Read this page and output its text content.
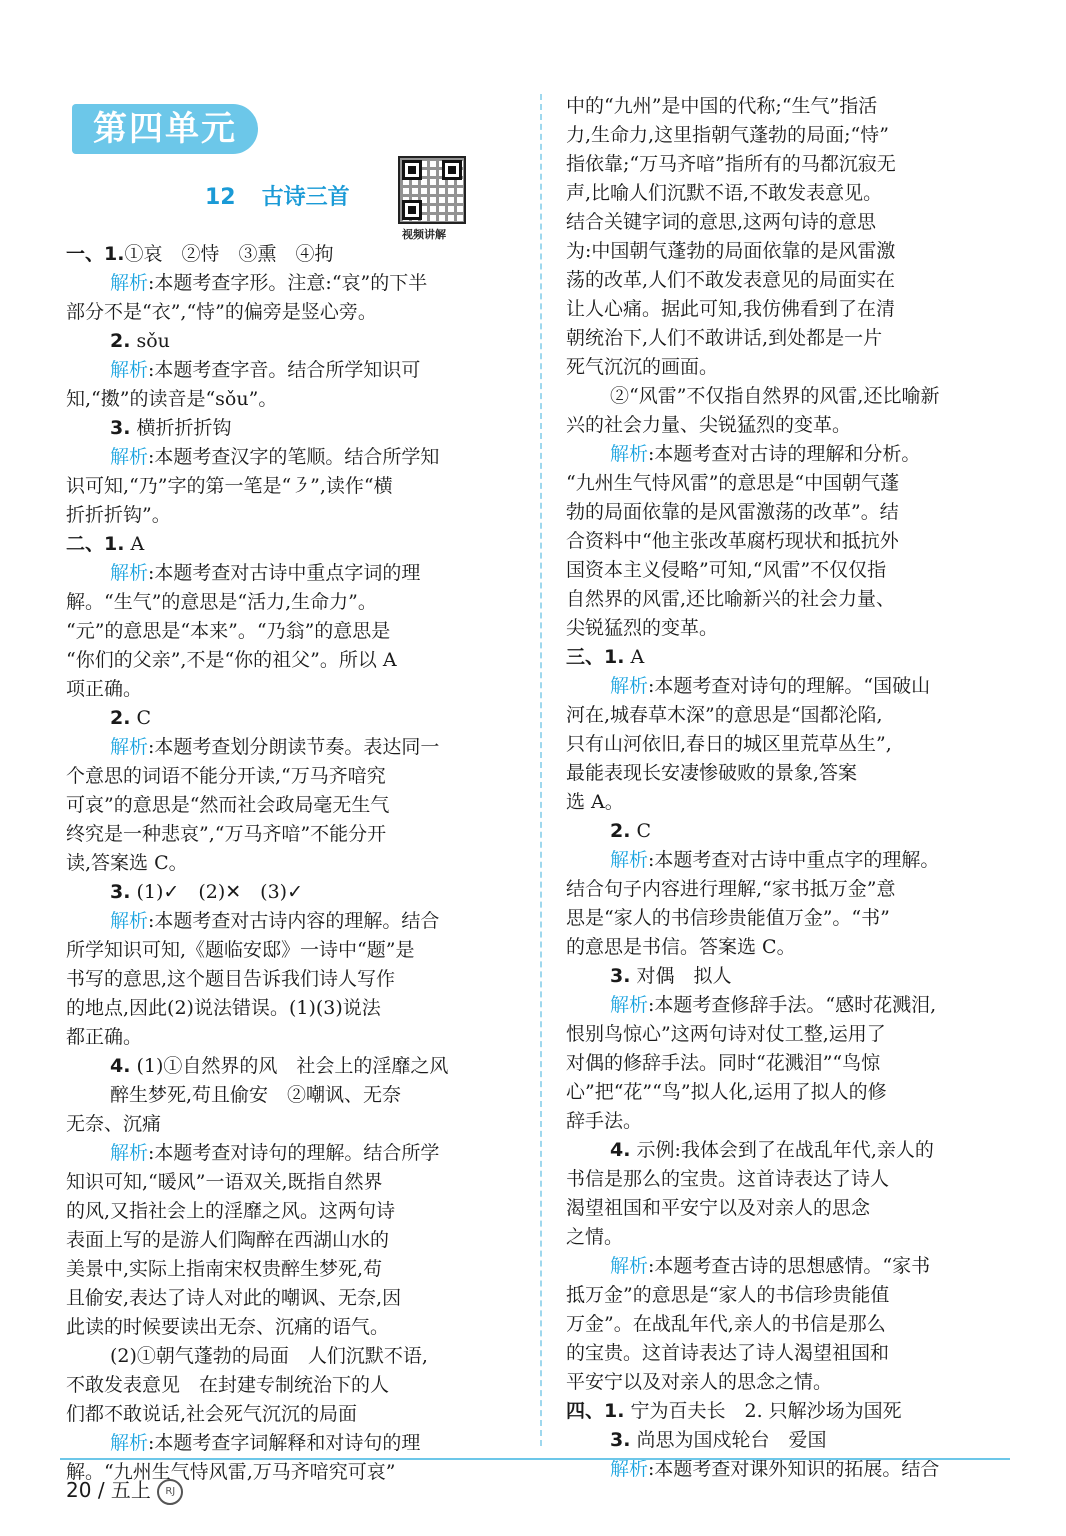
第四单元
12 古诗三首
视频讲解

一、1.①哀　②恃　③熏　④拘

解析:本题考查字形。注意:“哀”的下半

部分不是“衣”,“恃”的偏旁是竖心旁。

2. sǒu

解析:本题考查字音。结合所学知识可

知,“擞”的读音是“sǒu”。

3. 横折折折钩

解析:本题考查汉字的笔顺。结合所学知

识可知,“乃”字的第一笔是“㇋”,读作“横

折折折钩”。

二、1. A

解析:本题考查对古诗中重点字词的理

解。“生气”的意思是“活力,生命力”。

“元”的意思是“本来”。“乃翁”的意思是

“你们的父亲”,不是“你的祖父”。所以 A

项正确。

2. C

解析:本题考查划分朗读节奏。表达同一

个意思的词语不能分开读,“万马齐喑究

可哀”的意思是“然而社会政局毫无生气

终究是一种悲哀”,“万马齐喑”不能分开

读,答案选 C。

3. (1)✓　(2)✕　(3)✓

解析:本题考查对古诗内容的理解。结合

所学知识可知,《题临安邸》一诗中“题”是

书写的意思,这个题目告诉我们诗人写作

的地点,因此(2)说法错误。(1)(3)说法

都正确。

4. (1)①自然界的风　社会上的淫靡之风

醉生梦死,苟且偷安　②嘲讽、无奈

无奈、沉痛

解析:本题考查对诗句的理解。结合所学

知识可知,“暖风”一语双关,既指自然界

的风,又指社会上的淫靡之风。这两句诗

表面上写的是游人们陶醉在西湖山水的

美景中,实际上指南宋权贵醉生梦死,苟

且偷安,表达了诗人对此的嘲讽、无奈,因

此读的时候要读出无奈、沉痛的语气。

(2)①朝气蓬勃的局面　人们沉默不语,

不敢发表意见　在封建专制统治下的人

们都不敢说话,社会死气沉沉的局面

解析:本题考查字词解释和对诗句的理

解。“九州生气恃风雷,万马齐喑究可哀”

中的“九州”是中国的代称;“生气”指活

力,生命力,这里指朝气蓬勃的局面;“恃”

指依靠;“万马齐喑”指所有的马都沉寂无

声,比喻人们沉默不语,不敢发表意见。

结合关键字词的意思,这两句诗的意思

为:中国朝气蓬勃的局面依靠的是风雷激

荡的改革,人们不敢发表意见的局面实在

让人心痛。据此可知,我仿佛看到了在清

朝统治下,人们不敢讲话,到处都是一片

死气沉沉的画面。

②“风雷”不仅指自然界的风雷,还比喻新

兴的社会力量、尖锐猛烈的变革。

解析:本题考查对古诗的理解和分析。

“九州生气恃风雷”的意思是“中国朝气蓬

勃的局面依靠的是风雷激荡的改革”。结

合资料中“他主张改革腐朽现状和抵抗外

国资本主义侵略”可知,“风雷”不仅仅指

自然界的风雷,还比喻新兴的社会力量、

尖锐猛烈的变革。

三、1. A

解析:本题考查对诗句的理解。“国破山

河在,城春草木深”的意思是“国都沦陷,

只有山河依旧,春日的城区里荒草丛生”,

最能表现长安凄惨破败的景象,答案

选 A。

2. C

解析:本题考查对古诗中重点字的理解。

结合句子内容进行理解,“家书抵万金”意

思是“家人的书信珍贵能值万金”。“书”

的意思是书信。答案选 C。

3. 对偶　拟人

解析:本题考查修辞手法。“感时花溅泪,

恨别鸟惊心”这两句诗对仗工整,运用了

对偶的修辞手法。同时“花溅泪”“鸟惊

心”把“花”“鸟”拟人化,运用了拟人的修

辞手法。

4. 示例:我体会到了在战乱年代,亲人的

书信是那么的宝贵。这首诗表达了诗人

渴望祖国和平安宁以及对亲人的思念

之情。

解析:本题考查古诗的思想感情。“家书

抵万金”的意思是“家人的书信珍贵能值

万金”。在战乱年代,亲人的书信是那么

的宝贵。这首诗表达了诗人渴望祖国和

平安宁以及对亲人的思念之情。

四、1. 宁为百夫长　2. 只解沙场为国死

3. 尚思为国戍轮台　爱国

解析:本题考查对课外知识的拓展。结合

20 / 五上 RJ
